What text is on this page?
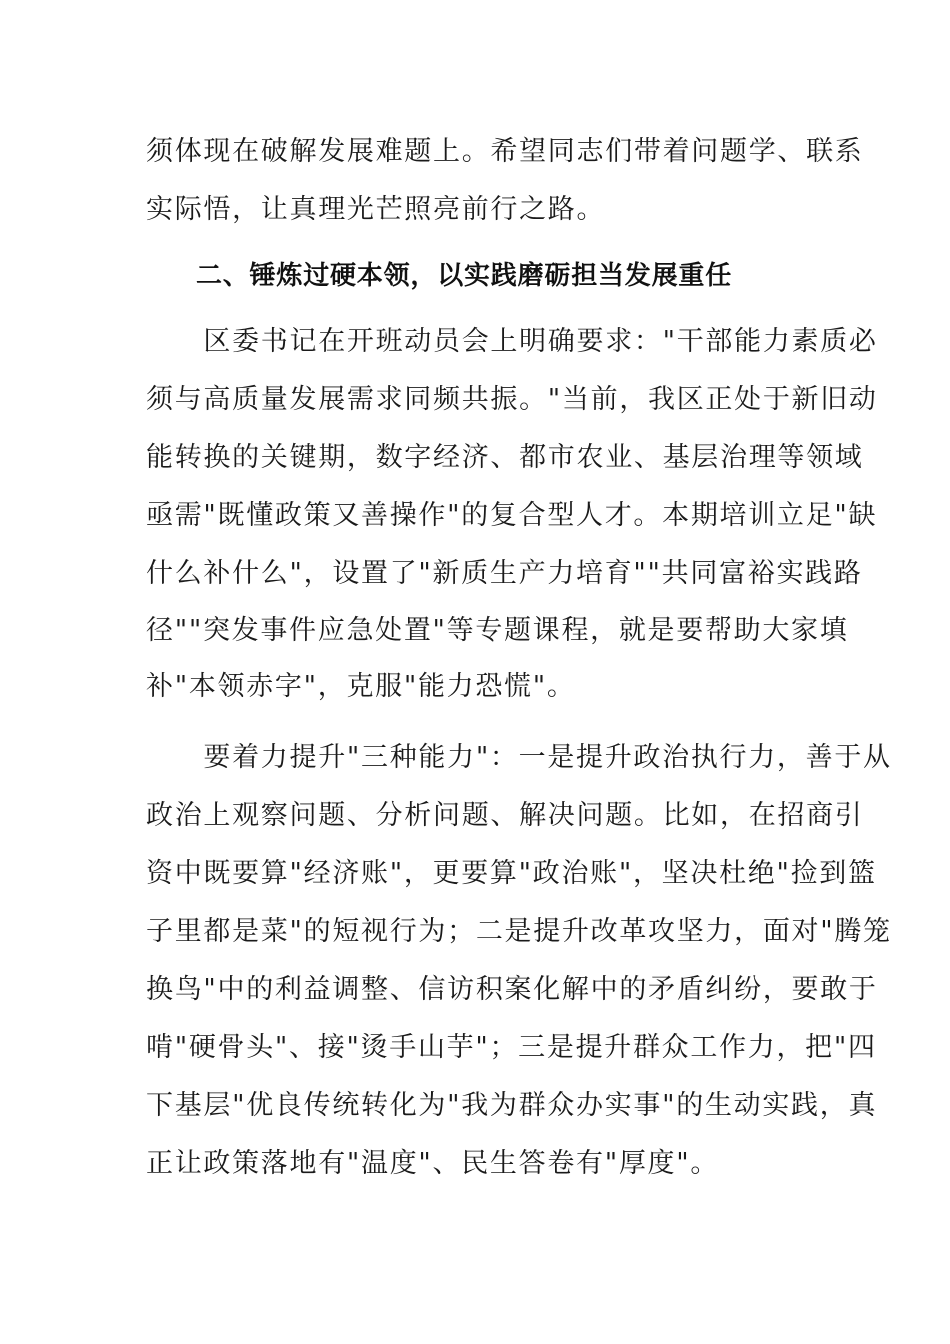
须体现在破解发展难题上。希望同志们带着问题学、联系
实际悟，让真理光芒照亮前行之路。
二、锤炼过硬本领，以实践磨砺担当发展重任
　　区委书记在开班动员会上明确要求："干部能力素质必
须与高质量发展需求同频共振。"当前，我区正处于新旧动
能转换的关键期，数字经济、都市农业、基层治理等领域
亟需"既懂政策又善操作"的复合型人才。本期培训立足"缺
什么补什么"，设置了"新质生产力培育""共同富裕实践路
径""突发事件应急处置"等专题课程，就是要帮助大家填
补"本领赤字"，克服"能力恐慌"。
　　要着力提升"三种能力"：一是提升政治执行力，善于从
政治上观察问题、分析问题、解决问题。比如，在招商引
资中既要算"经济账"，更要算"政治账"，坚决杜绝"捡到篮
子里都是菜"的短视行为；二是提升改革攻坚力，面对"腾笼
换鸟"中的利益调整、信访积案化解中的矛盾纠纷，要敢于
啃"硬骨头"、接"烫手山芋"；三是提升群众工作力，把"四
下基层"优良传统转化为"我为群众办实事"的生动实践，真
正让政策落地有"温度"、民生答卷有"厚度"。
